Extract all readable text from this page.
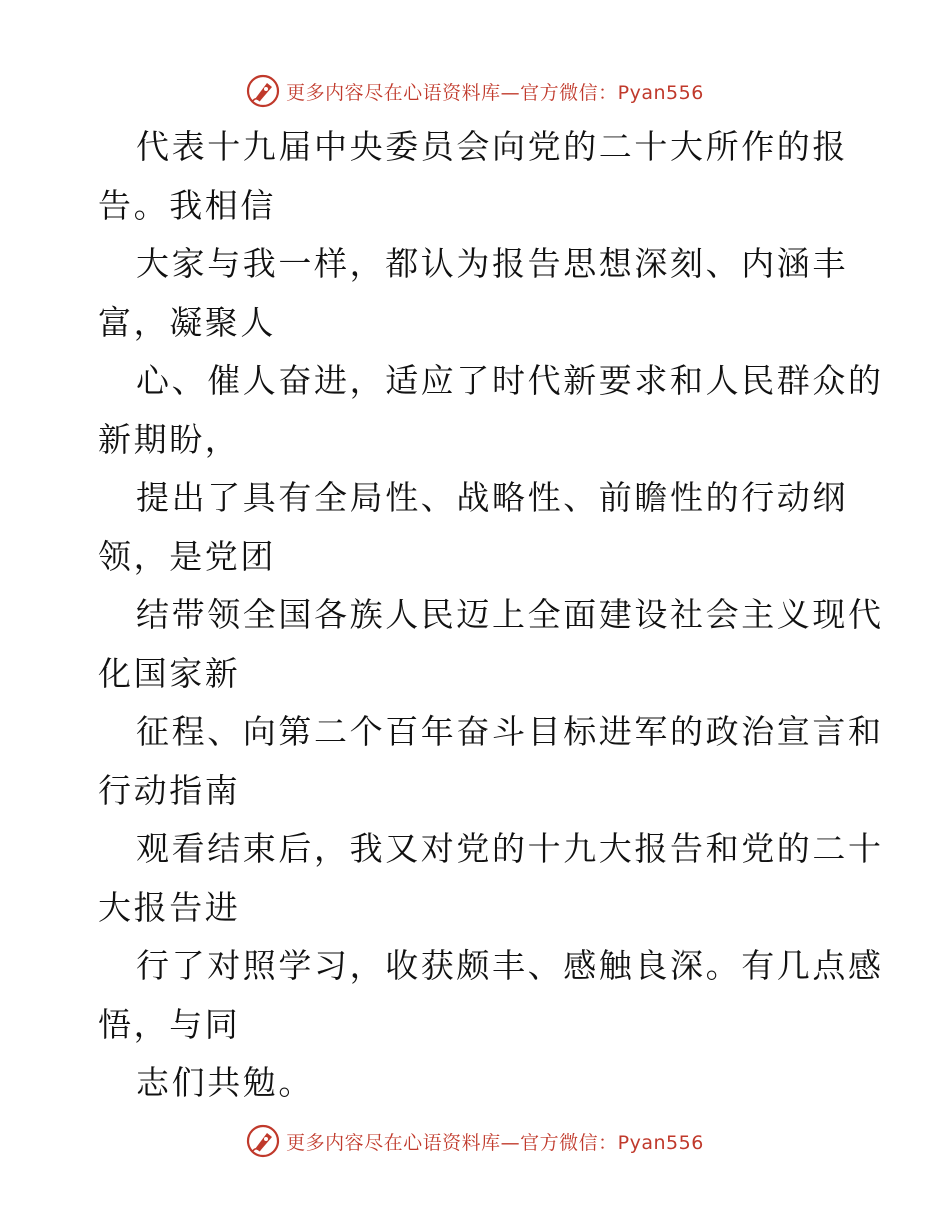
更多内容尽在心语资料库—官方微信：Pyan556
代表十九届中央委员会向党的二十大所作的报
告。我相信
大家与我一样，都认为报告思想深刻、内涵丰
富，凝聚人
心、催人奋进，适应了时代新要求和人民群众的
新期盼，
提出了具有全局性、战略性、前瞻性的行动纲
领，是党团
结带领全国各族人民迈上全面建设社会主义现代
化国家新
征程、向第二个百年奋斗目标进军的政治宣言和
行动指南
观看结束后，我又对党的十九大报告和党的二十
大报告进
行了对照学习，收获颇丰、感触良深。有几点感
悟，与同
志们共勉。
更多内容尽在心语资料库—官方微信：Pyan556
